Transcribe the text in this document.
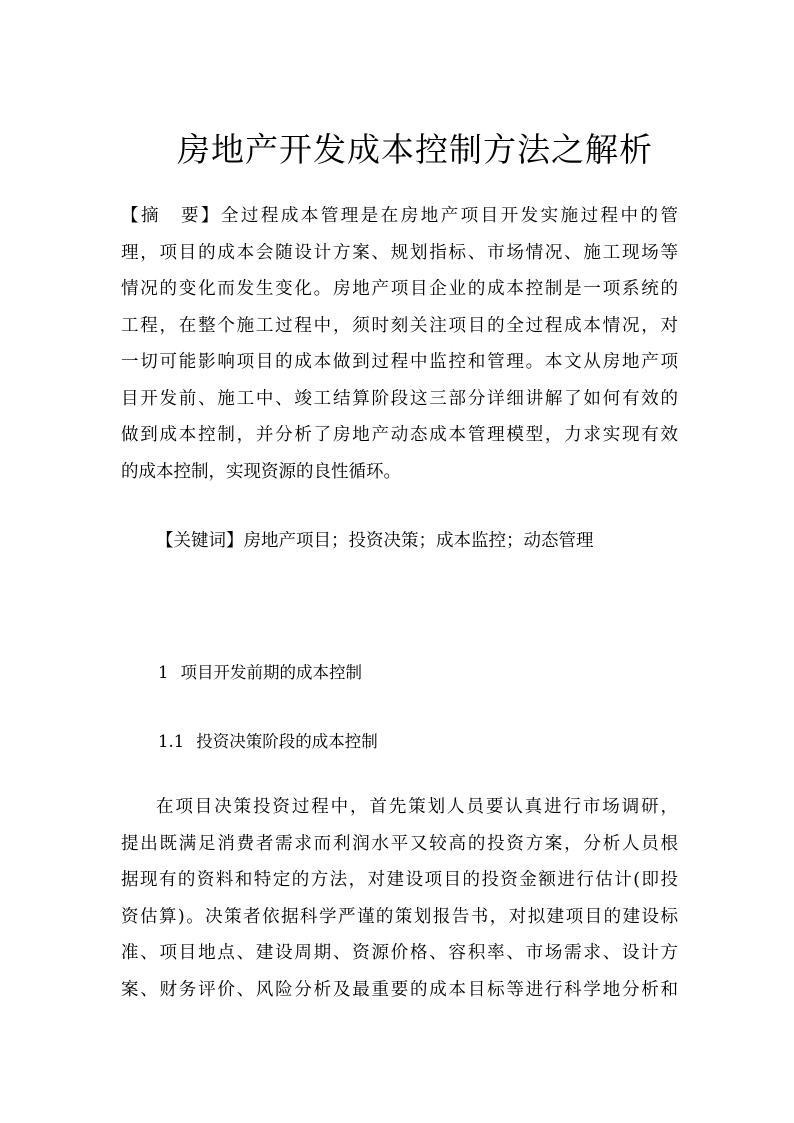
房地产开发成本控制方法之解析
【摘　要】全过程成本管理是在房地产项目开发实施过程中的管
理，项目的成本会随设计方案、规划指标、市场情况、施工现场等
情况的变化而发生变化。房地产项目企业的成本控制是一项系统的
工程，在整个施工过程中，须时刻关注项目的全过程成本情况，对
一切可能影响项目的成本做到过程中监控和管理。本文从房地产项
目开发前、施工中、竣工结算阶段这三部分详细讲解了如何有效的
做到成本控制，并分析了房地产动态成本管理模型，力求实现有效
的成本控制，实现资源的良性循环。
【关键词】房地产项目；投资决策；成本监控；动态管理
1 项目开发前期的成本控制
1.1 投资决策阶段的成本控制
在项目决策投资过程中，首先策划人员要认真进行市场调研，
提出既满足消费者需求而利润水平又较高的投资方案，分析人员根
据现有的资料和特定的方法，对建设项目的投资金额进行估计(即投
资估算)。决策者依据科学严谨的策划报告书，对拟建项目的建设标
准、项目地点、建设周期、资源价格、容积率、市场需求、设计方
案、财务评价、风险分析及最重要的成本目标等进行科学地分析和
